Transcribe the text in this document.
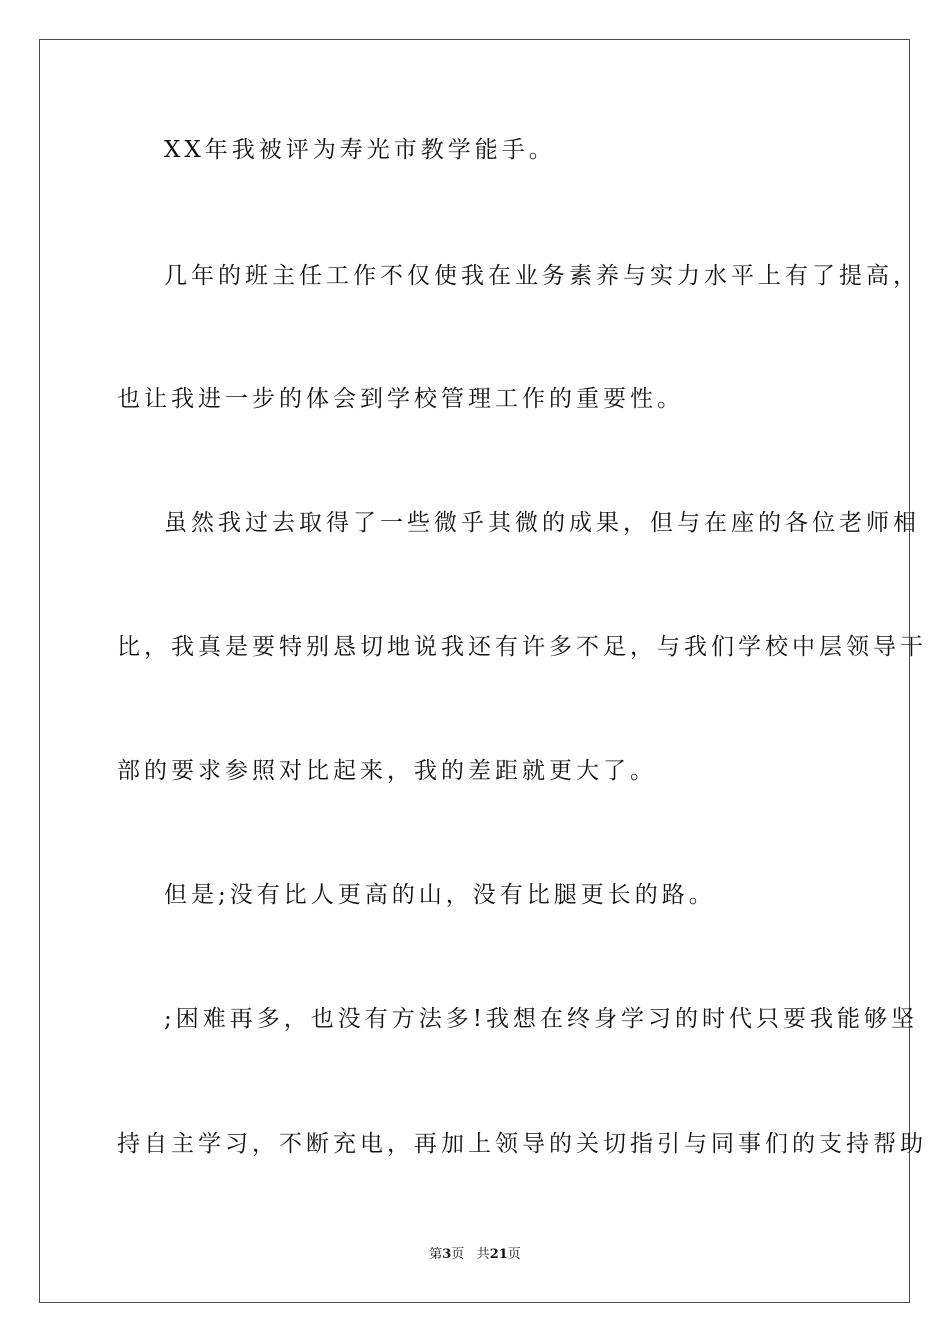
XX年我被评为寿光市教学能手。
几年的班主任工作不仅使我在业务素养与实力水平上有了提高，
也让我进一步的体会到学校管理工作的重要性。
虽然我过去取得了一些微乎其微的成果，但与在座的各位老师相
比，我真是要特别恳切地说我还有许多不足，与我们学校中层领导干
部的要求参照对比起来，我的差距就更大了。
但是;没有比人更高的山，没有比腿更长的路。
;困难再多，也没有方法多!我想在终身学习的时代只要我能够坚
持自主学习，不断充电，再加上领导的关切指引与同事们的支持帮助
第3页 共21页
